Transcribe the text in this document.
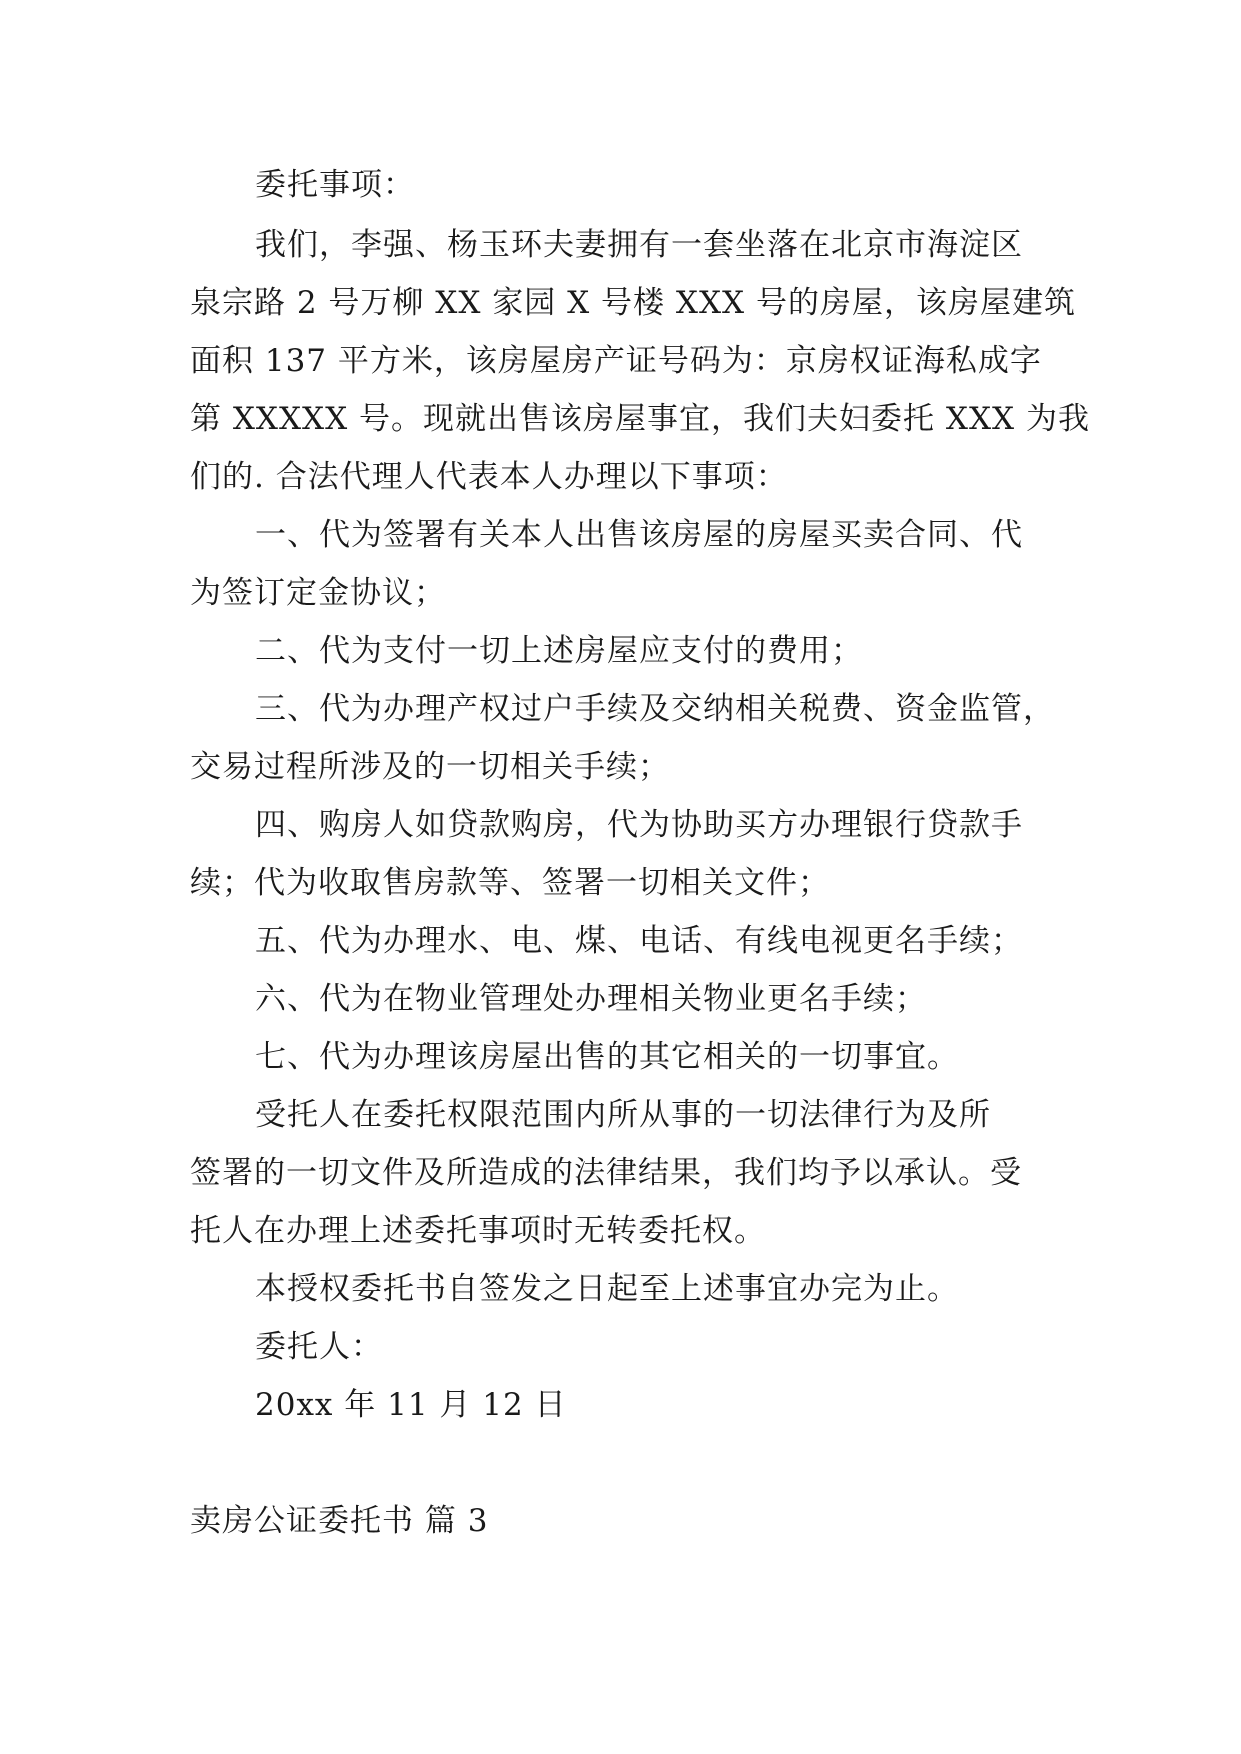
委托事项：
我们，李强、杨玉环夫妻拥有一套坐落在北京市海淀区
泉宗路 2 号万柳 XX 家园 X 号楼 XXX 号的房屋，该房屋建筑
面积 137 平方米，该房屋房产证号码为：京房权证海私成字
第 XXXXX 号。现就出售该房屋事宜，我们夫妇委托 XXX 为我
们的. 合法代理人代表本人办理以下事项：
一、代为签署有关本人出售该房屋的房屋买卖合同、代
为签订定金协议；
二、代为支付一切上述房屋应支付的费用；
三、代为办理产权过户手续及交纳相关税费、资金监管，
交易过程所涉及的一切相关手续；
四、购房人如贷款购房，代为协助买方办理银行贷款手
续；代为收取售房款等、签署一切相关文件；
五、代为办理水、电、煤、电话、有线电视更名手续；
六、代为在物业管理处办理相关物业更名手续；
七、代为办理该房屋出售的其它相关的一切事宜。
受托人在委托权限范围内所从事的一切法律行为及所
签署的一切文件及所造成的法律结果，我们均予以承认。受
托人在办理上述委托事项时无转委托权。
本授权委托书自签发之日起至上述事宜办完为止。
委托人：
20xx 年 11 月 12 日
卖房公证委托书 篇 3
